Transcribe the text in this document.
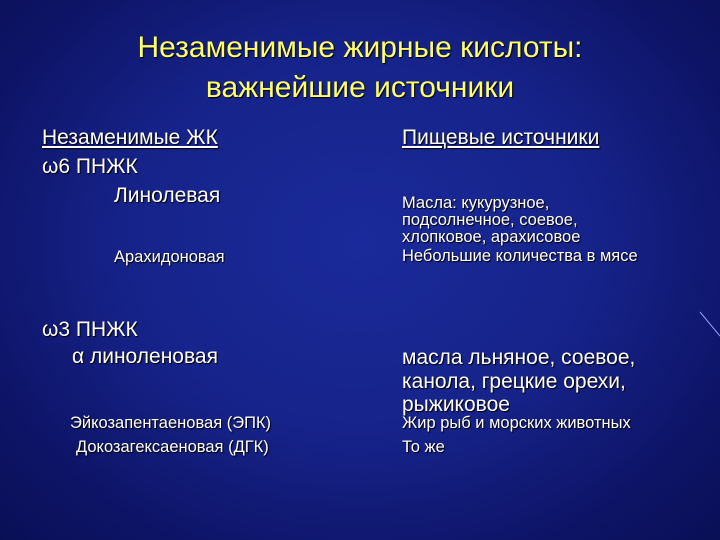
Незаменимые жирные кислоты:
важнейшие источники
Незаменимые ЖК	Пищевые источники
ω6 ПНЖК
Линолевая	Масла: кукурузное,
подсолнечное, соевое,
хлопковое, арахисовое
Арахидоновая	Небольшие количества в мясе
ω3 ПНЖК
α линоленовая	масла льняное, соевое,
канола, грецкие орехи,
рыжиковое
Эйкозапентаеновая (ЭПК)	Жир рыб и морских животных
Докозагексаеновая (ДГК)	То же
